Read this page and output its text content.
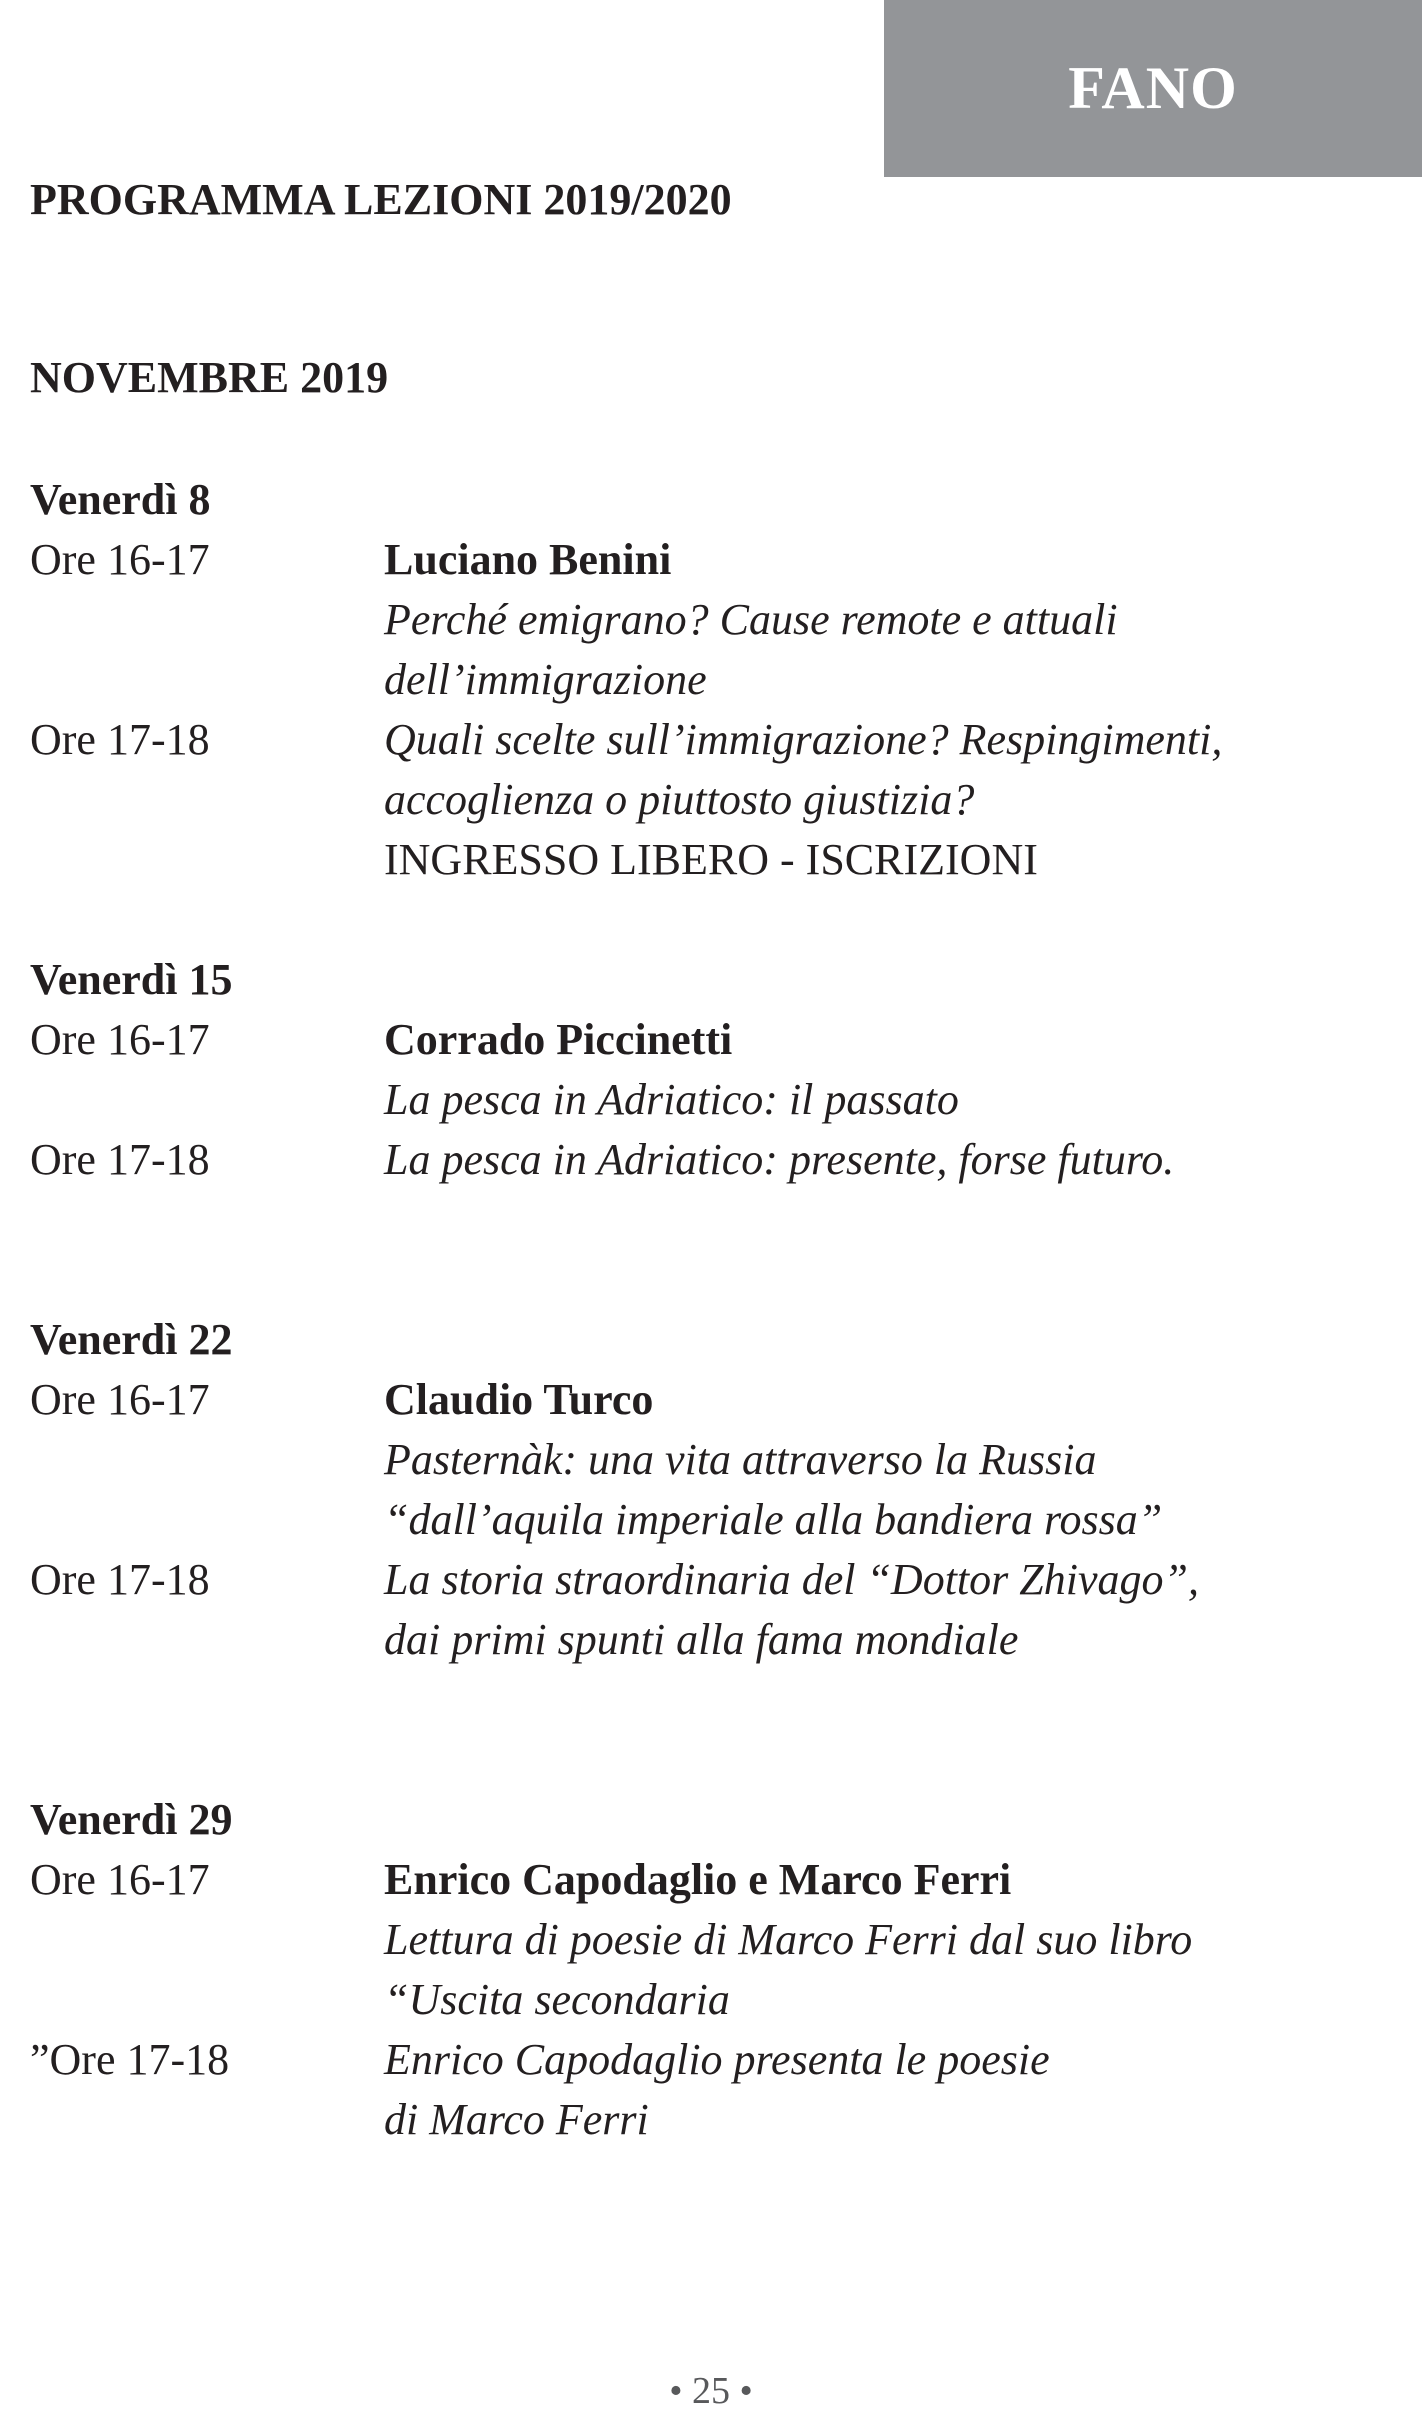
FANO
PROGRAMMA LEZIONI 2019/2020
NOVEMBRE 2019
Venerdì 8
Ore 16-17	Luciano Benini
Perché emigrano? Cause remote e attuali
dell’immigrazione
Ore 17-18	Quali scelte sull’immigrazione? Respingimenti,
accoglienza o piuttosto giustizia?
INGRESSO LIBERO - ISCRIZIONI
Venerdì 15
Ore 16-17	Corrado Piccinetti
La pesca in Adriatico: il passato
Ore 17-18	La pesca in Adriatico: presente, forse futuro.
Venerdì 22
Ore 16-17	Claudio Turco
Pasternàk: una vita attraverso la Russia
“dall’aquila imperiale alla bandiera rossa”
Ore 17-18	La storia straordinaria del “Dottor Zhivago”,
dai primi spunti alla fama mondiale
Venerdì 29
Ore 16-17	Enrico Capodaglio e Marco Ferri
Lettura di poesie di Marco Ferri dal suo libro
“Uscita secondaria
”Ore 17-18	Enrico Capodaglio presenta le poesie
di Marco Ferri
• 25 •
